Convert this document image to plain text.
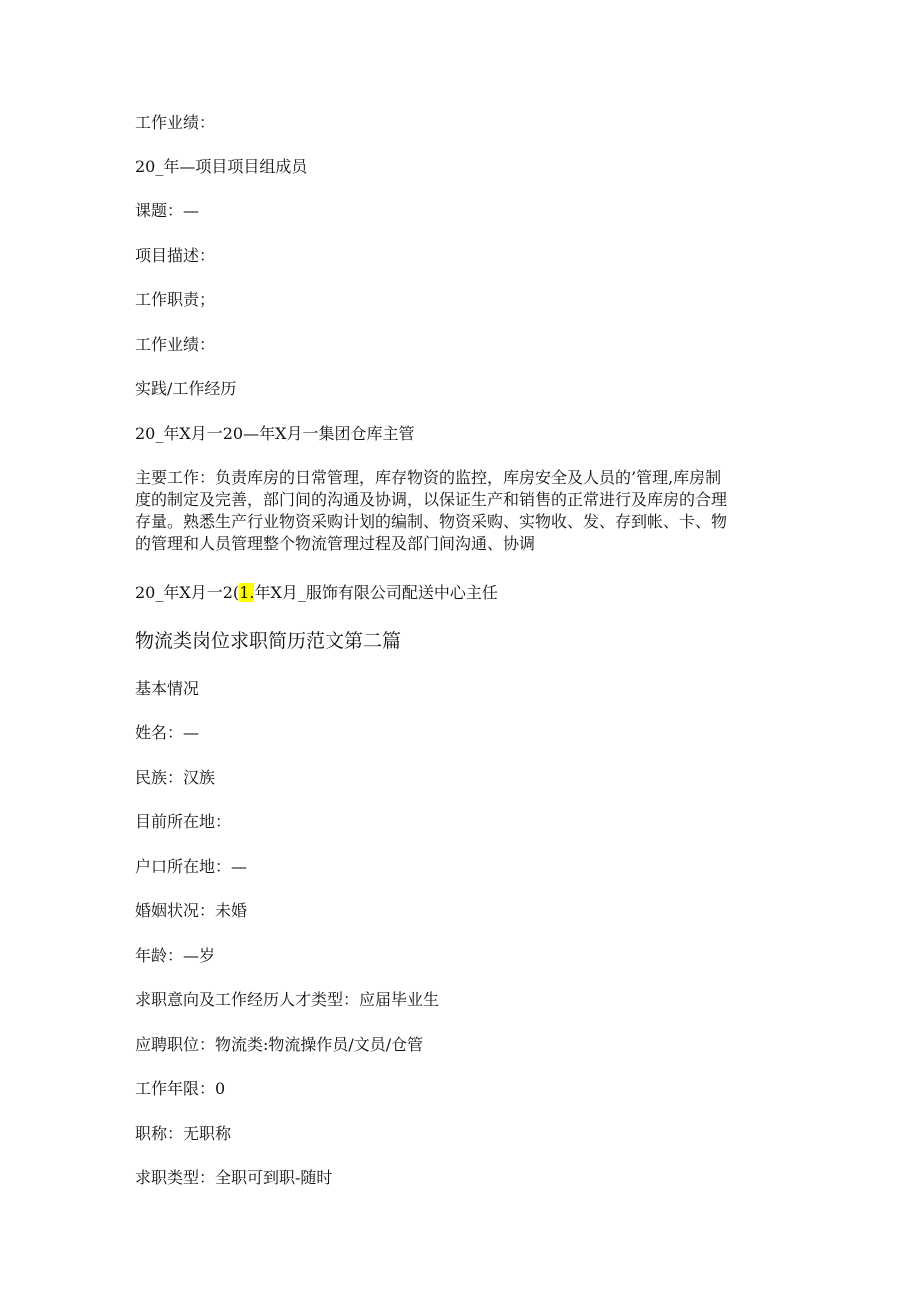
工作业绩：

20_年—项目项目组成员

课题：—

项目描述：

工作职责；

工作业绩：

实践/工作经历

20_年X月一20—年X月一集团仓库主管

主要工作：负责库房的日常管理，库存物资的监控，库房安全及人员的’管理,库房制
度的制定及完善，部门间的沟通及协调，以保证生产和销售的正常进行及库房的合理
存量。熟悉生产行业物资采购计划的编制、物资采购、实物收、发、存到帐、卡、物
的管理和人员管理整个物流管理过程及部门间沟通、协调

20_年X月一2(1.年X月_服饰有限公司配送中心主任

物流类岗位求职简历范文第二篇

基本情况

姓名：—

民族：汉族

目前所在地：

户口所在地：—

婚姻状况：未婚

年龄：—岁

求职意向及工作经历人才类型：应届毕业生

应聘职位：物流类:物流操作员/文员/仓管

工作年限：0

职称：无职称

求职类型：全职可到职-随时
